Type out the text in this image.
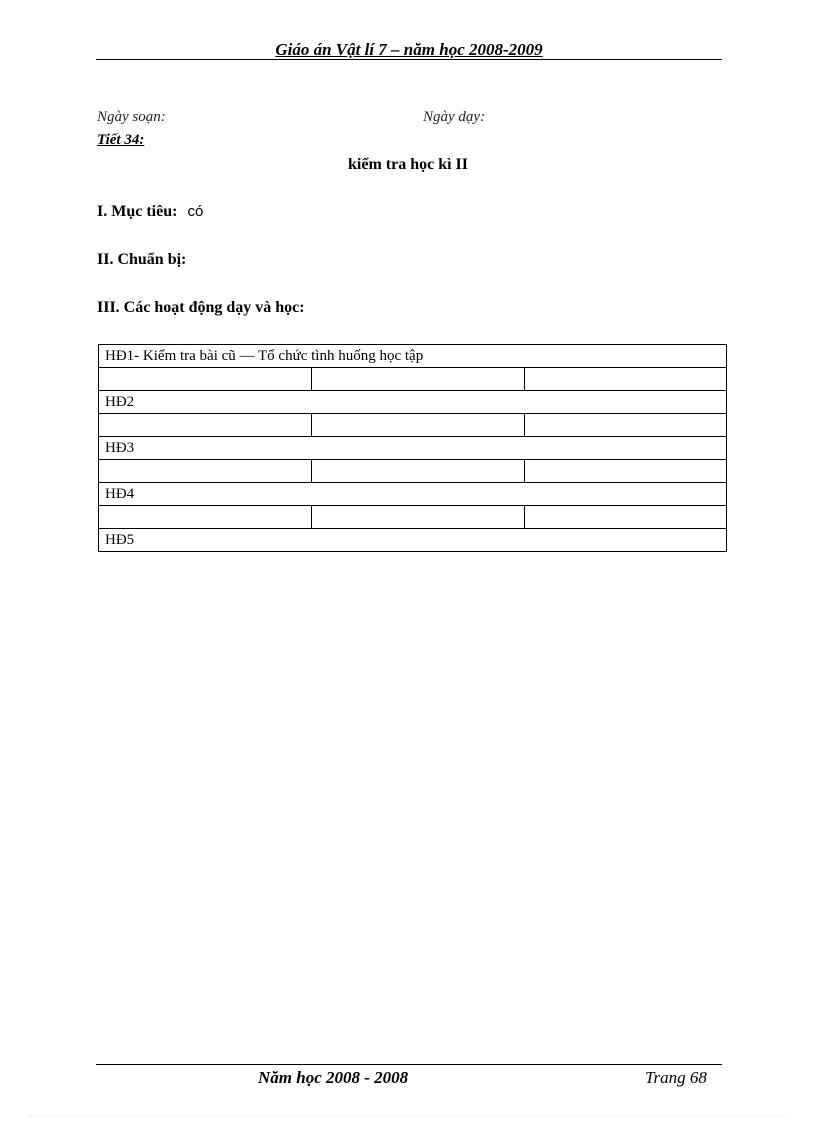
Giáo án Vật lí 7 – năm học 2008-2009
Ngày soạn:	Ngày dạy:
Tiết 34:
kiểm tra học kì II
I. Mục tiêu: có
II. Chuẩn bị:
III. Các hoạt động dạy và học:
HĐ1- Kiểm tra bài cũ — Tổ chức tình huống học tập		

HĐ2		

HĐ3		

HĐ4		

HĐ5		
Năm học 2008 - 2008	Trang 68
